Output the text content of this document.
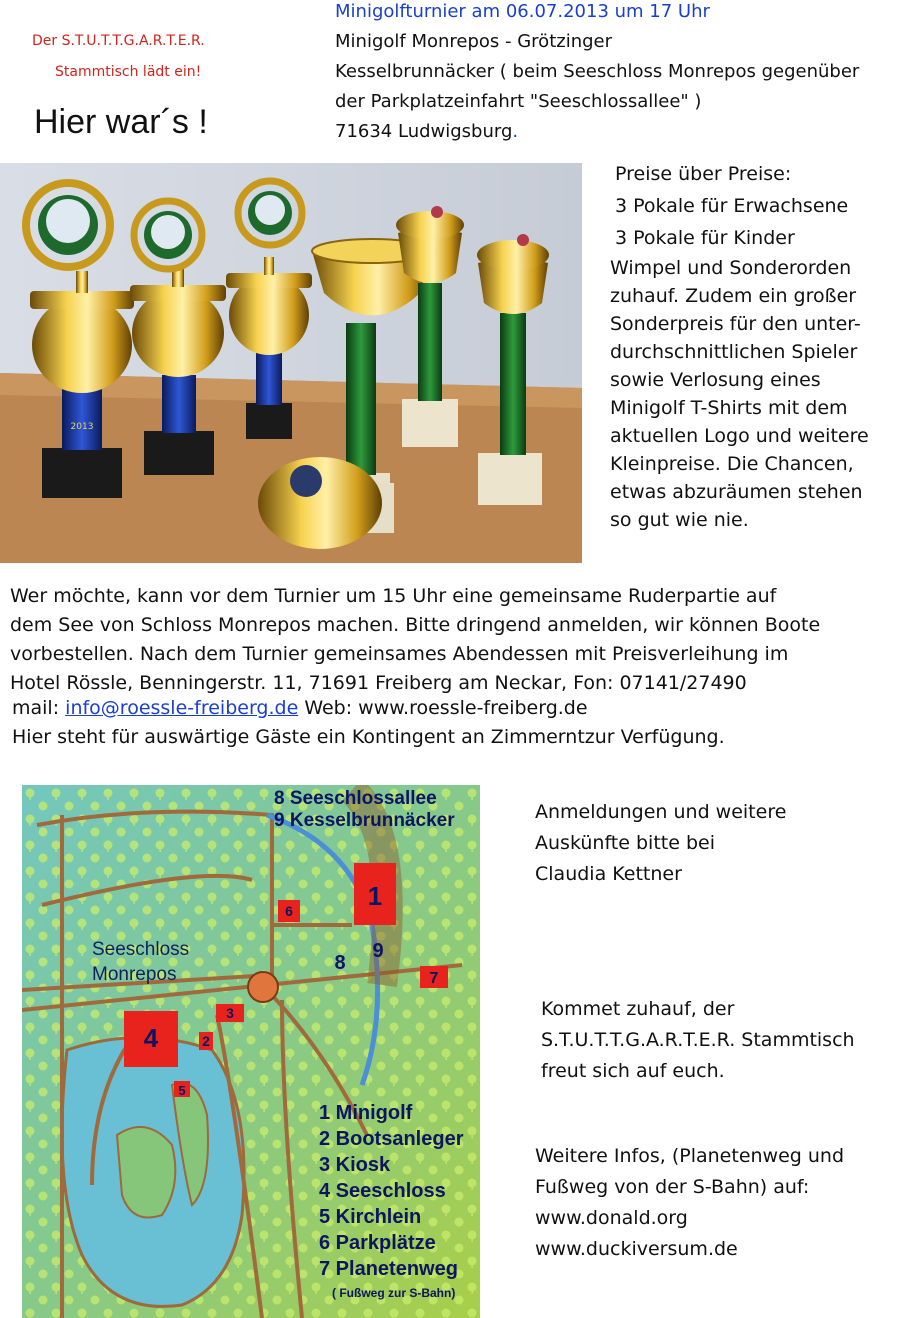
Der S.T.U.T.T.G.A.R.T.E.R.
Stammtisch lädt ein!
Hier war´s !
Minigolfturnier am 06.07.2013 um 17 Uhr
Minigolf Monrepos - Grötzinger
Kesselbrunnäcker ( beim Seeschloss Monrepos gegenüber
der Parkplatzeinfahrt "Seeschlossallee" )
71634 Ludwigsburg.
2013
Preise über Preise:
3 Pokale für Erwachsene
3 Pokale für Kinder
Wimpel und Sonderorden
zuhauf. Zudem ein großer
Sonderpreis für den unter-
durchschnittlichen Spieler
sowie Verlosung eines
Minigolf T-Shirts mit dem
aktuellen Logo und weitere
Kleinpreise. Die Chancen,
etwas abzuräumen stehen
so gut wie nie.
Wer möchte, kann vor dem Turnier um 15 Uhr eine gemeinsame Ruderpartie auf
dem See von Schloss Monrepos machen. Bitte dringend anmelden, wir können Boote
vorbestellen. Nach dem Turnier gemeinsames Abendessen mit Preisverleihung im
Hotel Rössle, Benningerstr. 11, 71691 Freiberg am Neckar, Fon: 07141/27490
mail: info@roessle-freiberg.de Web: www.roessle-freiberg.de
Hier steht für auswärtige Gäste ein Kontingent an Zimmerntzur Verfügung.
1
2
3
4
5
6
7
8
9
8 Seeschlossallee
9 Kesselbrunnäcker
Seeschloss
Monrepos
1 Minigolf
2 Bootsanleger
3 Kiosk
4 Seeschloss
5 Kirchlein
6 Parkplätze
7 Planetenweg
( Fußweg zur S-Bahn)
Anmeldungen und weitere
Auskünfte bitte bei
Claudia Kettner
Kommet zuhauf, der
S.T.U.T.T.G.A.R.T.E.R. Stammtisch
freut sich auf euch.
Weitere Infos, (Planetenweg und
Fußweg von der S-Bahn) auf:
www.donald.org
www.duckiversum.de
